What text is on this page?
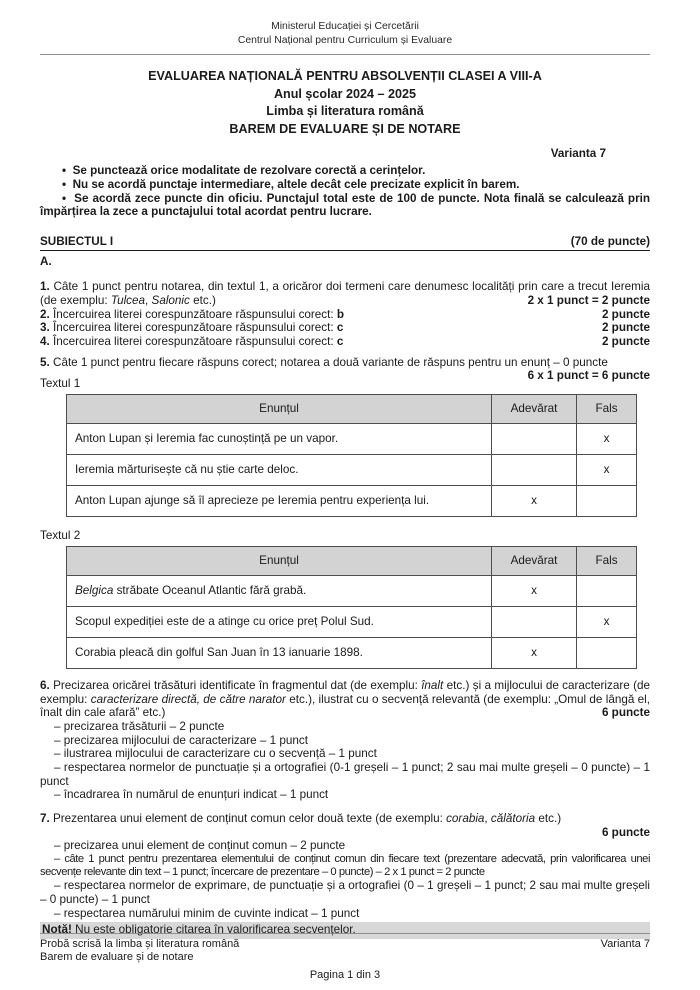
Ministerul Educației și Cercetării
Centrul Național pentru Curriculum și Evaluare
EVALUAREA NAȚIONALĂ PENTRU ABSOLVENȚII CLASEI A VIII-A
Anul școlar 2024 – 2025
Limba și literatura română
BAREM DE EVALUARE ȘI DE NOTARE
Varianta 7
•  Se punctează orice modalitate de rezolvare corectă a cerințelor.
•  Nu se acordă punctaje intermediare, altele decât cele precizate explicit în barem.
•  Se acordă zece puncte din oficiu. Punctajul total este de 100 de puncte. Nota finală se calculează prin împărțirea la zece a punctajului total acordat pentru lucrare.
SUBIECTUL I	(70 de puncte)
A.
1. Câte 1 punct pentru notarea, din textul 1, a oricăror doi termeni care denumesc localități prin care a trecut Ieremia (de exemplu: Tulcea, Salonic etc.)	2 x 1 punct = 2 puncte
2. Încercuirea literei corespunzătoare răspunsului corect: b	2 puncte
3. Încercuirea literei corespunzătoare răspunsului corect: c	2 puncte
4. Încercuirea literei corespunzătoare răspunsului corect: c	2 puncte
5. Câte 1 punct pentru fiecare răspuns corect; notarea a două variante de răspuns pentru un enunț – 0 puncte
6 x 1 punct = 6 puncte
Textul 1
Enunțul	Adevărat	Fals
Anton Lupan și Ieremia fac cunoștință pe un vapor.		x
Ieremia mărturisește că nu știe carte deloc.		x
Anton Lupan ajunge să îl aprecieze pe Ieremia pentru experiența lui.	x	
Textul 2
Enunțul	Adevărat	Fals
Belgica străbate Oceanul Atlantic fără grabă.	x	
Scopul expediției este de a atinge cu orice preț Polul Sud.		x
Corabia pleacă din golful San Juan în 13 ianuarie 1898.	x	
6. Precizarea oricărei trăsături identificate în fragmentul dat (de exemplu: înalt etc.) și a mijlocului de caracterizare (de exemplu: caracterizare directă, de către narator etc.), ilustrat cu o secvență relevantă (de exemplu: „Omul de lângă el, înalt din cale afară” etc.)	6 puncte
– precizarea trăsăturii – 2 puncte
– precizarea mijlocului de caracterizare – 1 punct
– ilustrarea mijlocului de caracterizare cu o secvență – 1 punct
– respectarea normelor de punctuație și a ortografiei (0-1 greșeli – 1 punct; 2 sau mai multe greșeli – 0 puncte) – 1 punct
– încadrarea în numărul de enunțuri indicat – 1 punct
7. Prezentarea unui element de conținut comun celor două texte (de exemplu: corabia, călătoria etc.)
6 puncte
– precizarea unui element de conținut comun – 2 puncte
– câte 1 punct pentru prezentarea elementului de conținut comun din fiecare text (prezentare adecvată, prin valorificarea unei secvențe relevante din text – 1 punct; încercare de prezentare – 0 puncte) – 2 x 1 punct = 2 puncte
– respectarea normelor de exprimare, de punctuație și a ortografiei (0 – 1 greșeli – 1 punct; 2 sau mai multe greșeli – 0 puncte) – 1 punct
– respectarea numărului minim de cuvinte indicat – 1 punct
Notă! Nu este obligatorie citarea în valorificarea secvențelor.
Probă scrisă la limba și literatura română	Varianta 7
Barem de evaluare și de notare
Pagina 1 din 3
